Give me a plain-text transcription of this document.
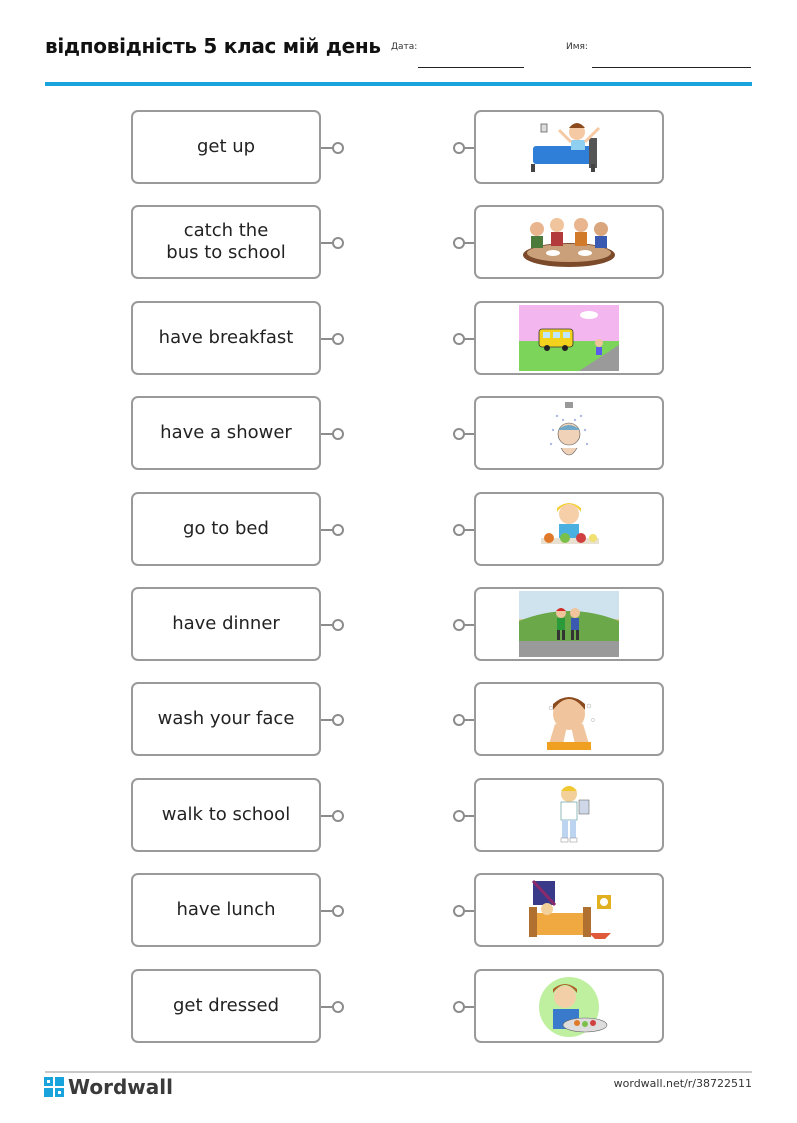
відповідність 5 клас мій день Дата:	Имя:
get up
catch the
bus to school
have breakfast
have a shower
go to bed
have dinner
wash your face
walk to school
have lunch
get dressed
Wordwall	wordwall.net/r/38722511
